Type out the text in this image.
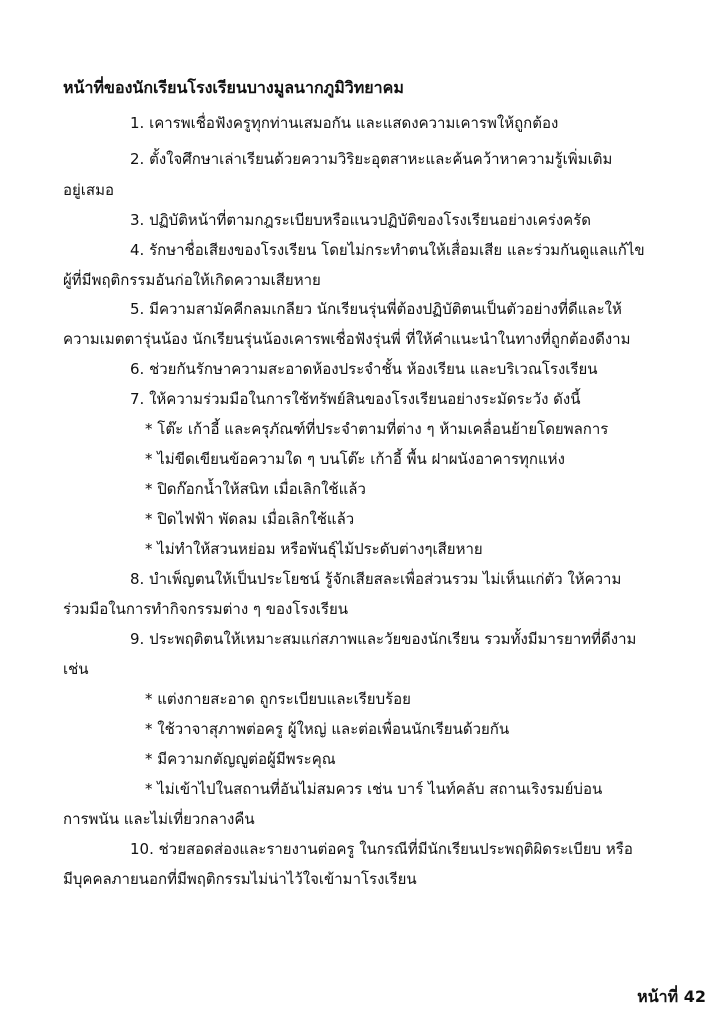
หน้าที่ของนักเรียนโรงเรียนบางมูลนากภูมิวิทยาคม
1. เคารพเชื่อฟังครูทุกท่านเสมอกัน และแสดงความเคารพให้ถูกต้อง
2. ตั้งใจศึกษาเล่าเรียนด้วยความวิริยะอุตสาหะและค้นคว้าหาความรู้เพิ่มเติม
อยู่เสมอ
3. ปฏิบัติหน้าที่ตามกฎระเบียบหรือแนวปฏิบัติของโรงเรียนอย่างเคร่งครัด
4. รักษาชื่อเสียงของโรงเรียน โดยไม่กระทำตนให้เสื่อมเสีย และร่วมกันดูแลแก้ไข
ผู้ที่มีพฤติกรรมอันก่อให้เกิดความเสียหาย
5. มีความสามัคคีกลมเกลียว นักเรียนรุ่นพี่ต้องปฏิบัติตนเป็นตัวอย่างที่ดีและให้
ความเมตตารุ่นน้อง นักเรียนรุ่นน้องเคารพเชื่อฟังรุ่นพี่ ที่ให้คำแนะนำในทางที่ถูกต้องดีงาม
6. ช่วยกันรักษาความสะอาดห้องประจำชั้น ห้องเรียน และบริเวณโรงเรียน
7. ให้ความร่วมมือในการใช้ทรัพย์สินของโรงเรียนอย่างระมัดระวัง ดังนี้
* โต๊ะ เก้าอี้ และครุภัณฑ์ที่ประจำตามที่ต่าง ๆ ห้ามเคลื่อนย้ายโดยพลการ
* ไม่ขีดเขียนข้อความใด ๆ บนโต๊ะ เก้าอี้ พื้น ฝาผนังอาคารทุกแห่ง
* ปิดก๊อกน้ำให้สนิท เมื่อเลิกใช้แล้ว
* ปิดไฟฟ้า พัดลม เมื่อเลิกใช้แล้ว
* ไม่ทำให้สวนหย่อม หรือพันธุ์ไม้ประดับต่างๆเสียหาย
8. บำเพ็ญตนให้เป็นประโยชน์ รู้จักเสียสละเพื่อส่วนรวม ไม่เห็นแก่ตัว ให้ความ
ร่วมมือในการทำกิจกรรมต่าง ๆ ของโรงเรียน
9. ประพฤติตนให้เหมาะสมแก่สภาพและวัยของนักเรียน รวมทั้งมีมารยาทที่ดีงาม
เช่น
* แต่งกายสะอาด ถูกระเบียบและเรียบร้อย
* ใช้วาจาสุภาพต่อครู ผู้ใหญ่ และต่อเพื่อนนักเรียนด้วยกัน
* มีความกตัญญูต่อผู้มีพระคุณ
* ไม่เข้าไปในสถานที่อันไม่สมควร เช่น บาร์ ไนท์คลับ สถานเริงรมย์บ่อน
การพนัน และไม่เที่ยวกลางคืน
10. ช่วยสอดส่องและรายงานต่อครู ในกรณีที่มีนักเรียนประพฤติผิดระเบียบ หรือ
มีบุคคลภายนอกที่มีพฤติกรรมไม่น่าไว้ใจเข้ามาโรงเรียน
หน้าที่ 42
